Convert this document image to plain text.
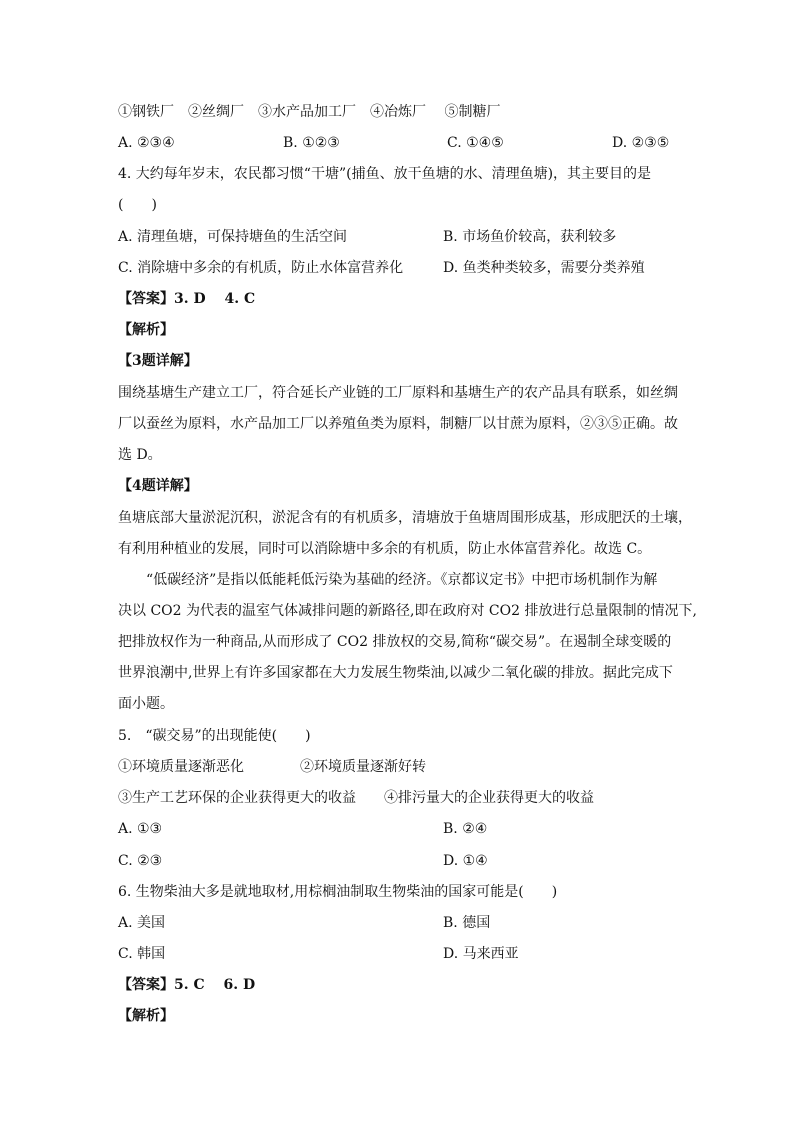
①钢铁厂　②丝绸厂　③水产品加工厂　④冶炼厂　 ⑤制糖厂
A. ②③④	B. ①②③	C. ①④⑤	D. ②③⑤
4. 大约每年岁末，农民都习惯“干塘”(捕鱼、放干鱼塘的水、清理鱼塘)，其主要目的是
(　　)
A. 清理鱼塘，可保持塘鱼的生活空间	B. 市场鱼价较高，获利较多
C. 消除塘中多余的有机质，防止水体富营养化	D. 鱼类种类较多，需要分类养殖
【答案】3. D　 4. C
【解析】
【3题详解】
围绕基塘生产建立工厂，符合延长产业链的工厂原料和基塘生产的农产品具有联系，如丝绸
厂以蚕丝为原料，水产品加工厂以养殖鱼类为原料，制糖厂以甘蔗为原料，②③⑤正确。故
选 D。
【4题详解】
鱼塘底部大量淤泥沉积，淤泥含有的有机质多，清塘放于鱼塘周围形成基，形成肥沃的土壤，
有利用种植业的发展，同时可以消除塘中多余的有机质，防止水体富营养化。故选 C。
“低碳经济”是指以低能耗低污染为基础的经济。《京都议定书》中把市场机制作为解
决以 CO2 为代表的温室气体减排问题的新路径,即在政府对 CO2 排放进行总量限制的情况下,
把排放权作为一种商品,从而形成了 CO2 排放权的交易,简称“碳交易”。在遏制全球变暖的
世界浪潮中,世界上有许多国家都在大力发展生物柴油,以减少二氧化碳的排放。据此完成下
面小题。
5.　“碳交易”的出现能使(　　)
①环境质量逐渐恶化	②环境质量逐渐好转
③生产工艺环保的企业获得更大的收益 ④排污量大的企业获得更大的收益
A. ①③	B. ②④
C. ②③	D. ①④
6. 生物柴油大多是就地取材,用棕榈油制取生物柴油的国家可能是(　　)
A. 美国	B. 德国
C. 韩国	D. 马来西亚
【答案】5. C　 6. D
【解析】
